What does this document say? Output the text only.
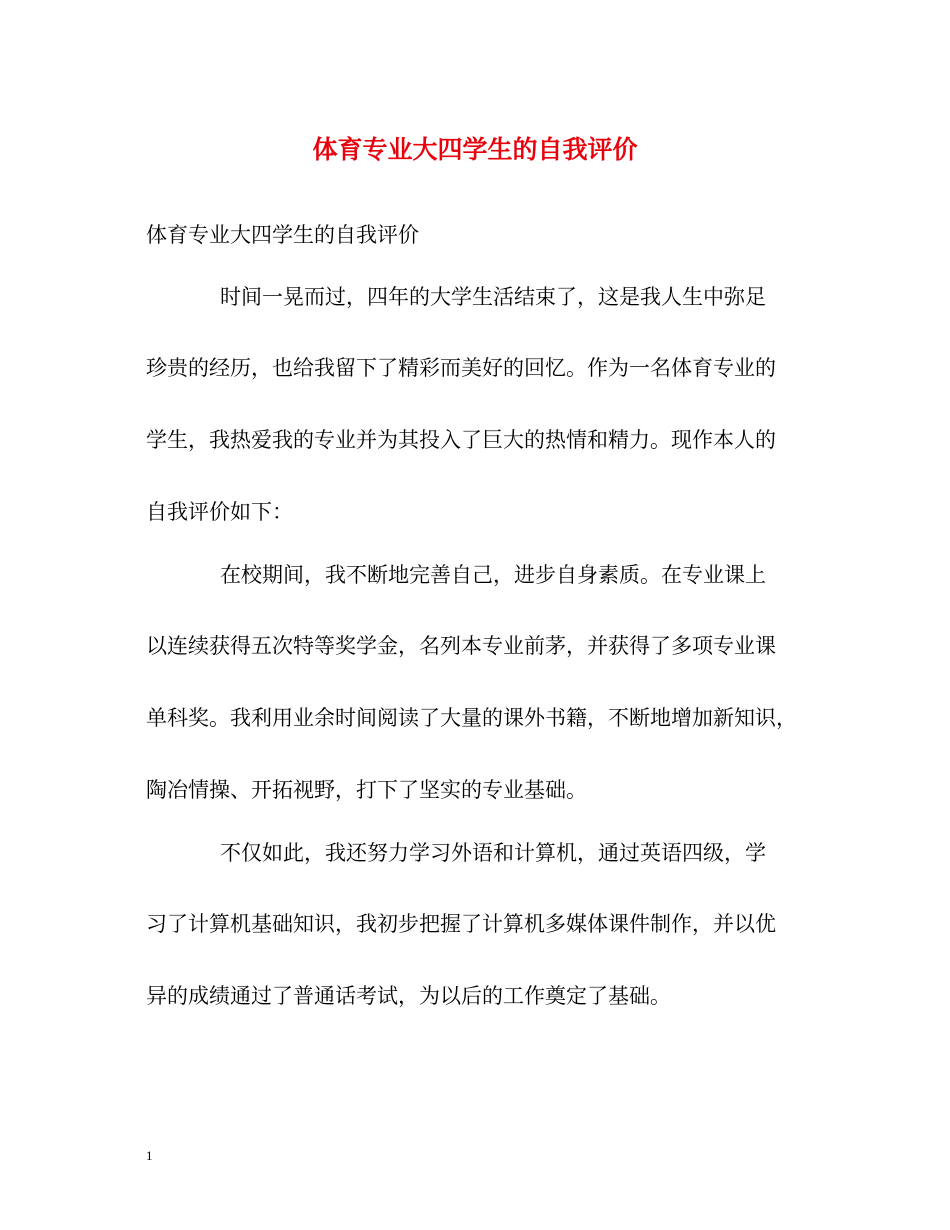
体育专业大四学生的自我评价

体育专业大四学生的自我评价

时间一晃而过，四年的大学生活结束了，这是我人生中弥足

珍贵的经历，也给我留下了精彩而美好的回忆。作为一名体育专业的

学生，我热爱我的专业并为其投入了巨大的热情和精力。现作本人的

自我评价如下：

在校期间，我不断地完善自己，进步自身素质。在专业课上

以连续获得五次特等奖学金，名列本专业前茅，并获得了多项专业课

单科奖。我利用业余时间阅读了大量的课外书籍，不断地增加新知识，

陶冶情操、开拓视野，打下了坚实的专业基础。

不仅如此，我还努力学习外语和计算机，通过英语四级，学

习了计算机基础知识，我初步把握了计算机多媒体课件制作，并以优

异的成绩通过了普通话考试，为以后的工作奠定了基础。

1
